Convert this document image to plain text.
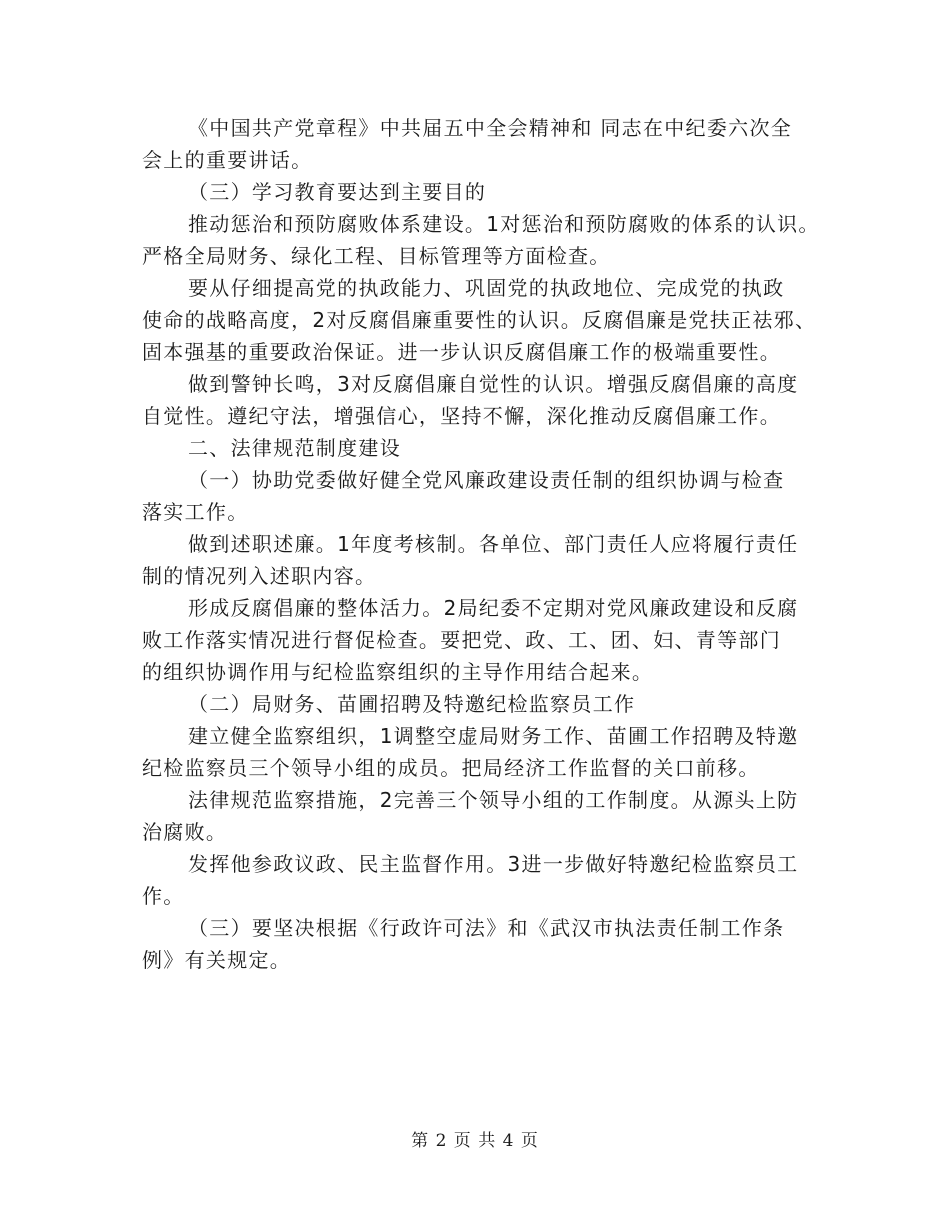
《中国共产党章程》中共届五中全会精神和 同志在中纪委六次全
会上的重要讲话。
（三）学习教育要达到主要目的
推动惩治和预防腐败体系建设。1对惩治和预防腐败的体系的认识。
严格全局财务、绿化工程、目标管理等方面检查。
要从仔细提高党的执政能力、巩固党的执政地位、完成党的执政
使命的战略高度，2对反腐倡廉重要性的认识。反腐倡廉是党扶正祛邪、
固本强基的重要政治保证。进一步认识反腐倡廉工作的极端重要性。
做到警钟长鸣，3对反腐倡廉自觉性的认识。增强反腐倡廉的高度
自觉性。遵纪守法，增强信心，坚持不懈，深化推动反腐倡廉工作。
二、法律规范制度建设
（一）协助党委做好健全党风廉政建设责任制的组织协调与检查
落实工作。
做到述职述廉。1年度考核制。各单位、部门责任人应将履行责任
制的情况列入述职内容。
形成反腐倡廉的整体活力。2局纪委不定期对党风廉政建设和反腐
败工作落实情况进行督促检查。要把党、政、工、团、妇、青等部门
的组织协调作用与纪检监察组织的主导作用结合起来。
（二）局财务、苗圃招聘及特邀纪检监察员工作
建立健全监察组织，1调整空虚局财务工作、苗圃工作招聘及特邀
纪检监察员三个领导小组的成员。把局经济工作监督的关口前移。
法律规范监察措施，2完善三个领导小组的工作制度。从源头上防
治腐败。
发挥他参政议政、民主监督作用。3进一步做好特邀纪检监察员工
作。
（三）要坚决根据《行政许可法》和《武汉市执法责任制工作条
例》有关规定。
第 2 页 共 4 页
